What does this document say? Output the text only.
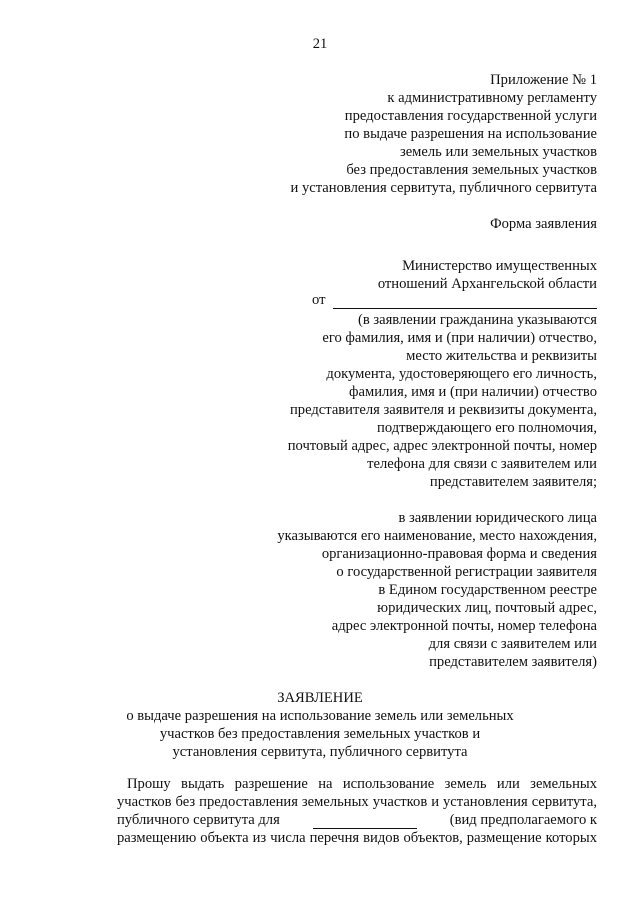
21
Приложение № 1
к административному регламенту
предоставления государственной услуги
по выдаче разрешения на использование
земель или земельных участков
без предоставления земельных участков
и установления сервитута, публичного сервитута
Форма заявления
Министерство имущественных
отношений Архангельской области
от
(в заявлении гражданина указываются
его фамилия, имя и (при наличии) отчество,
место жительства и реквизиты
документа, удостоверяющего его личность,
фамилия, имя и (при наличии) отчество
представителя заявителя и реквизиты документа,
подтверждающего его полномочия,
почтовый адрес, адрес электронной почты, номер
телефона для связи с заявителем или
представителем заявителя;
в заявлении юридического лица
указываются его наименование, место нахождения,
организационно-правовая форма и сведения
о государственной регистрации заявителя
в Едином государственном реестре
юридических лиц, почтовый адрес,
адрес электронной почты, номер телефона
для связи с заявителем или
представителем заявителя)
ЗАЯВЛЕНИЕ
о выдаче разрешения на использование земель или земельных
участков без предоставления земельных участков и
установления сервитута, публичного сервитута
Прошу выдать разрешение на использование земель или земельных
участков без предоставления земельных участков и установления сервитута,
публичного сервитута для
	(вид предполагаемого к
размещению объекта из числа перечня видов объектов, размещение которых
